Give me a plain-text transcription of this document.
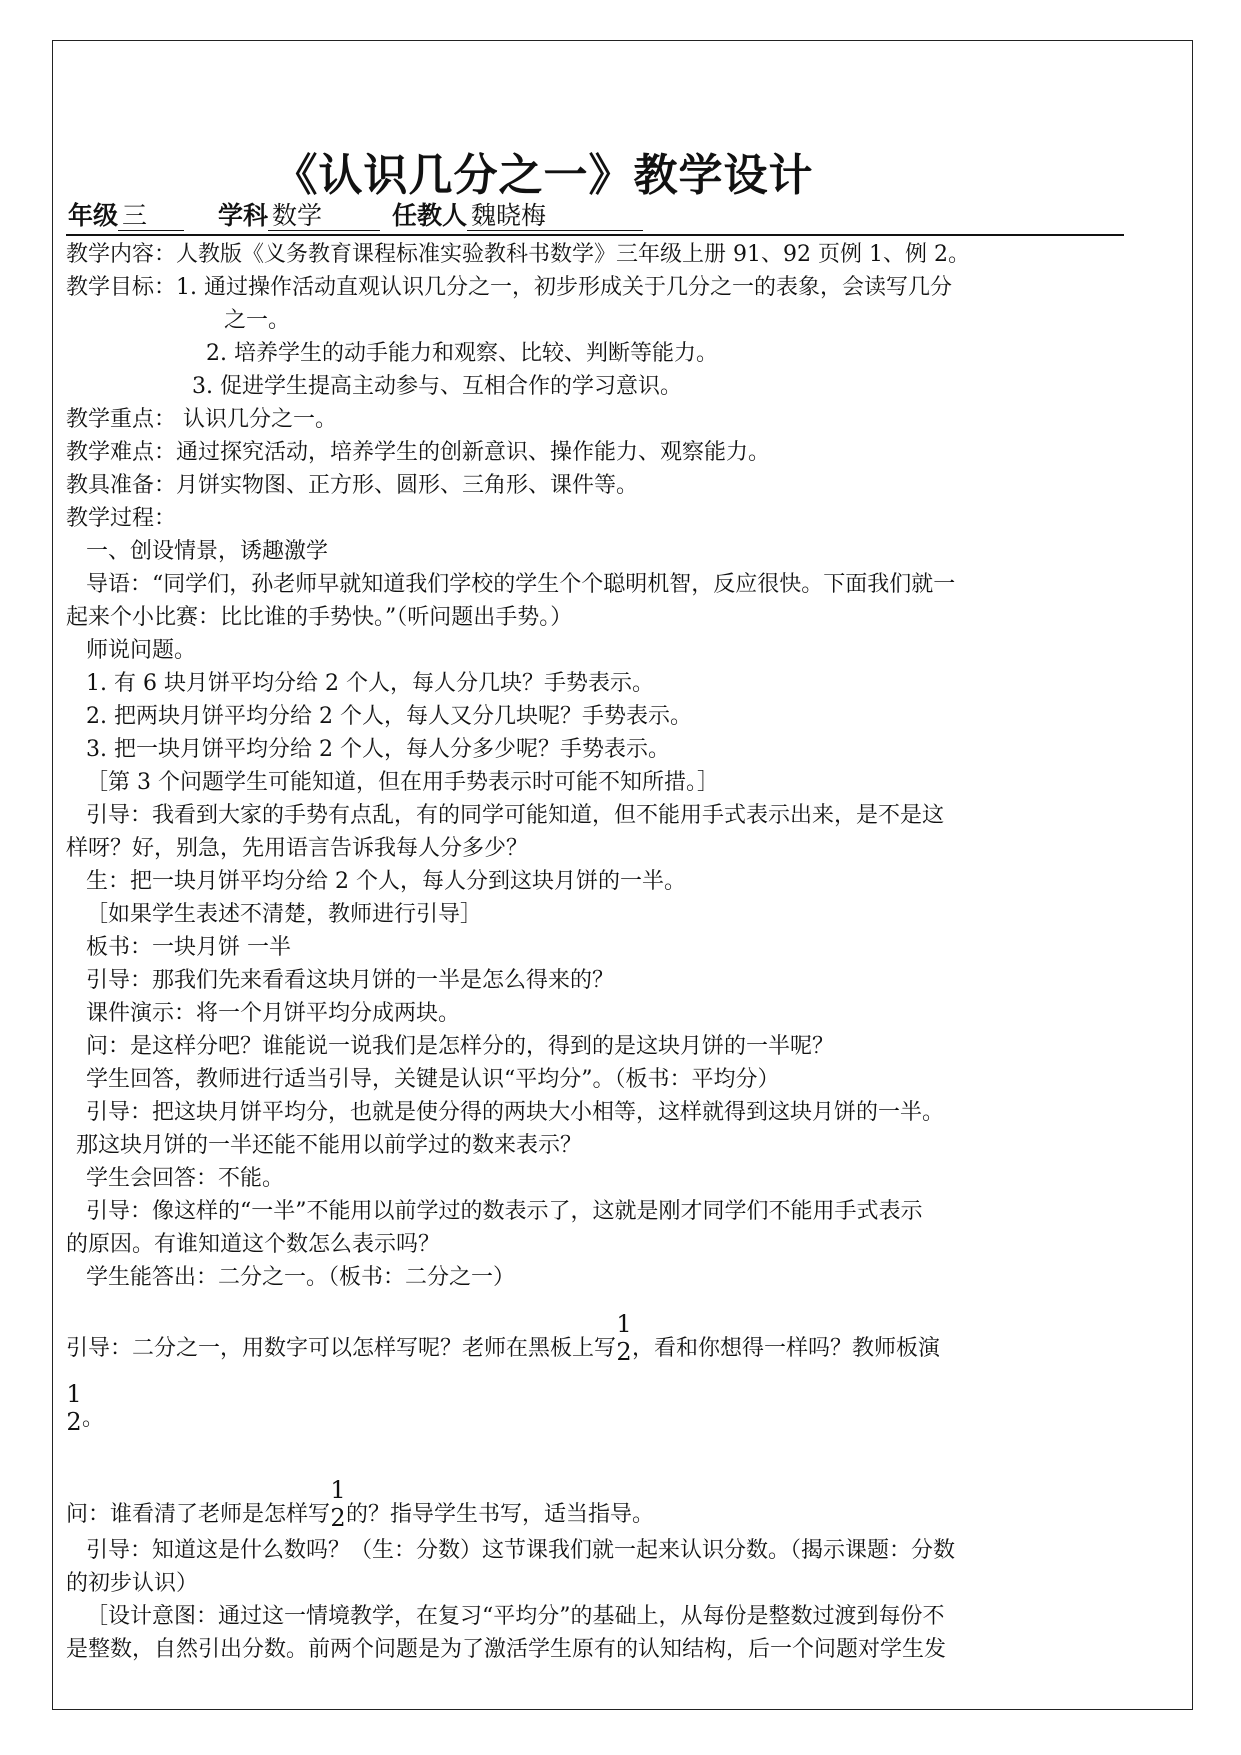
《认识几分之一》教学设计
年级 三	学科 数学	任教人 魏晓梅
教学内容：人教版《义务教育课程标准实验教科书数学》三年级上册 91、92 页例 1、例 2。
教学目标：1. 通过操作活动直观认识几分之一，初步形成关于几分之一的表象，会读写几分
之一。
2. 培养学生的动手能力和观察、比较、判断等能力。
3. 促进学生提高主动参与、互相合作的学习意识。
教学重点： 认识几分之一。
教学难点：通过探究活动，培养学生的创新意识、操作能力、观察能力。
教具准备：月饼实物图、正方形、圆形、三角形、课件等。
教学过程：
一、创设情景，诱趣激学
导语：“同学们，孙老师早就知道我们学校的学生个个聪明机智，反应很快。下面我们就一
起来个小比赛：比比谁的手势快。”（听问题出手势。）
师说问题。
1. 有 6 块月饼平均分给 2 个人，每人分几块？手势表示。
2. 把两块月饼平均分给 2 个人，每人又分几块呢？手势表示。
3. 把一块月饼平均分给 2 个人，每人分多少呢？手势表示。
［第 3 个问题学生可能知道，但在用手势表示时可能不知所措。］
引导：我看到大家的手势有点乱，有的同学可能知道，但不能用手式表示出来，是不是这
样呀？好，别急，先用语言告诉我每人分多少？
生：把一块月饼平均分给 2 个人，每人分到这块月饼的一半。
［如果学生表述不清楚，教师进行引导］
板书：一块月饼 一半
引导：那我们先来看看这块月饼的一半是怎么得来的？
课件演示：将一个月饼平均分成两块。
问：是这样分吧？谁能说一说我们是怎样分的，得到的是这块月饼的一半呢？
学生回答，教师进行适当引导，关键是认识“平均分”。（板书：平均分）
引导：把这块月饼平均分，也就是使分得的两块大小相等，这样就得到这块月饼的一半。
那这块月饼的一半还能不能用以前学过的数来表示？
学生会回答：不能。
引导：像这样的“一半”不能用以前学过的数表示了，这就是刚才同学们不能用手式表示
的原因。有谁知道这个数怎么表示吗？
学生能答出：二分之一。（板书：二分之一）
引导：二分之一，用数字可以怎样写呢？老师在黑板上写
1
2 ，看和你想得一样吗？教师板演
1
2 。
问：谁看清了老师是怎样写
1
2 的？指导学生书写，适当指导。
引导：知道这是什么数吗？（生：分数）这节课我们就一起来认识分数。（揭示课题：分数
的初步认识）
［设计意图：通过这一情境教学，在复习“平均分”的基础上，从每份是整数过渡到每份不
是整数，自然引出分数。前两个问题是为了激活学生原有的认知结构，后一个问题对学生发
